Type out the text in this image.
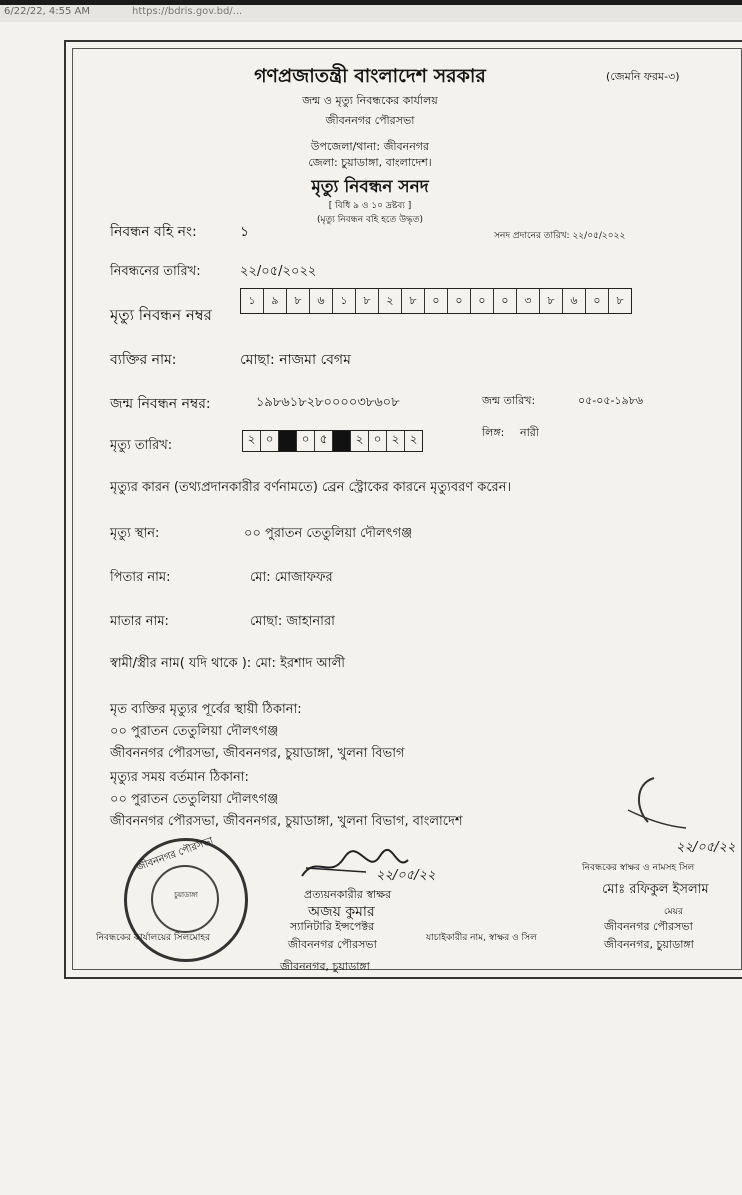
6/22/22, 4:55 AM	https://bdris.gov.bd/...
গণপ্রজাতন্ত্রী বাংলাদেশ সরকার	(জেমনি ফরম-৩)
জন্ম ও মৃত্যু নিবন্ধকের কার্যালয়
জীবননগর পৌরসভা
উপজেলা/থানা: জীবননগর
জেলা: চুয়াডাঙ্গা, বাংলাদেশ।
মৃত্যু নিবন্ধন সনদ
[ বিধি ৯ ও ১০ দ্রষ্টব্য ]
(মৃত্যু নিবন্ধন বহি হতে উদ্ধৃত)
নিবন্ধন বহি নং:	১	সনদ প্রদানের তারিখ: ২২/০৫/২০২২
নিবন্ধনের তারিখ:	২২/০৫/২০২২
মৃত্যু নিবন্ধন নম্বর
১	৯	৮	৬	১	৮	২	৮	০	০	০	০	৩	৮	৬	০	৮
ব্যক্তির নাম:	মোছা: নাজমা বেগম
জন্ম নিবন্ধন নম্বর:	১৯৮৬১৮২৮০০০০৩৮৬০৮	জন্ম তারিখ:	০৫-০৫-১৯৮৬
লিঙ্গ: নারী
মৃত্যু তারিখ:	২ ০	০ ৫	২ ০ ২ ২
মৃত্যুর কারন (তথ্যপ্রদানকারীর বর্ণনামতে) ব্রেন স্ট্রোকের কারনে মৃত্যুবরণ করেন।
মৃত্যু স্থান:	০০ পুরাতন তেতুলিয়া দৌলৎগঞ্জ
পিতার নাম:	মো: মোজাফফর
মাতার নাম:	মোছা: জাহানারা
স্বামী/স্ত্রীর নাম( যদি থাকে ): মো: ইরশাদ আলী
মৃত ব্যক্তির মৃত্যুর পূর্বের স্থায়ী ঠিকানা:
০০ পুরাতন তেতুলিয়া দৌলৎগঞ্জ
জীবননগর পৌরসভা, জীবননগর, চুয়াডাঙ্গা, খুলনা বিভাগ
মৃত্যুর সময় বর্তমান ঠিকানা:
০০ পুরাতন তেতুলিয়া দৌলৎগঞ্জ
জীবননগর পৌরসভা, জীবননগর, চুয়াডাঙ্গা, খুলনা বিভাগ, বাংলাদেশ
জীবননগর পৌরসভা
চুয়াডাঙ্গা
২২/০৫/২২
প্রত্যয়নকারীর স্বাক্ষর
অজয় কুমার
স্যানিটারি ইন্সপেক্টর
জীবননগর পৌরসভা
জীবননগর, চুয়াডাঙ্গা
নিবন্ধকের কার্যালয়ের সিলমোহর	যাচাইকারীর নাম, স্বাক্ষর ও সিল
২২/০৫/২২
নিবন্ধকের স্বাক্ষর ও নামসহ সিল
মোঃ রফিকুল ইসলাম
মেয়র
জীবননগর পৌরসভা
জীবননগর, চুয়াডাঙ্গা
